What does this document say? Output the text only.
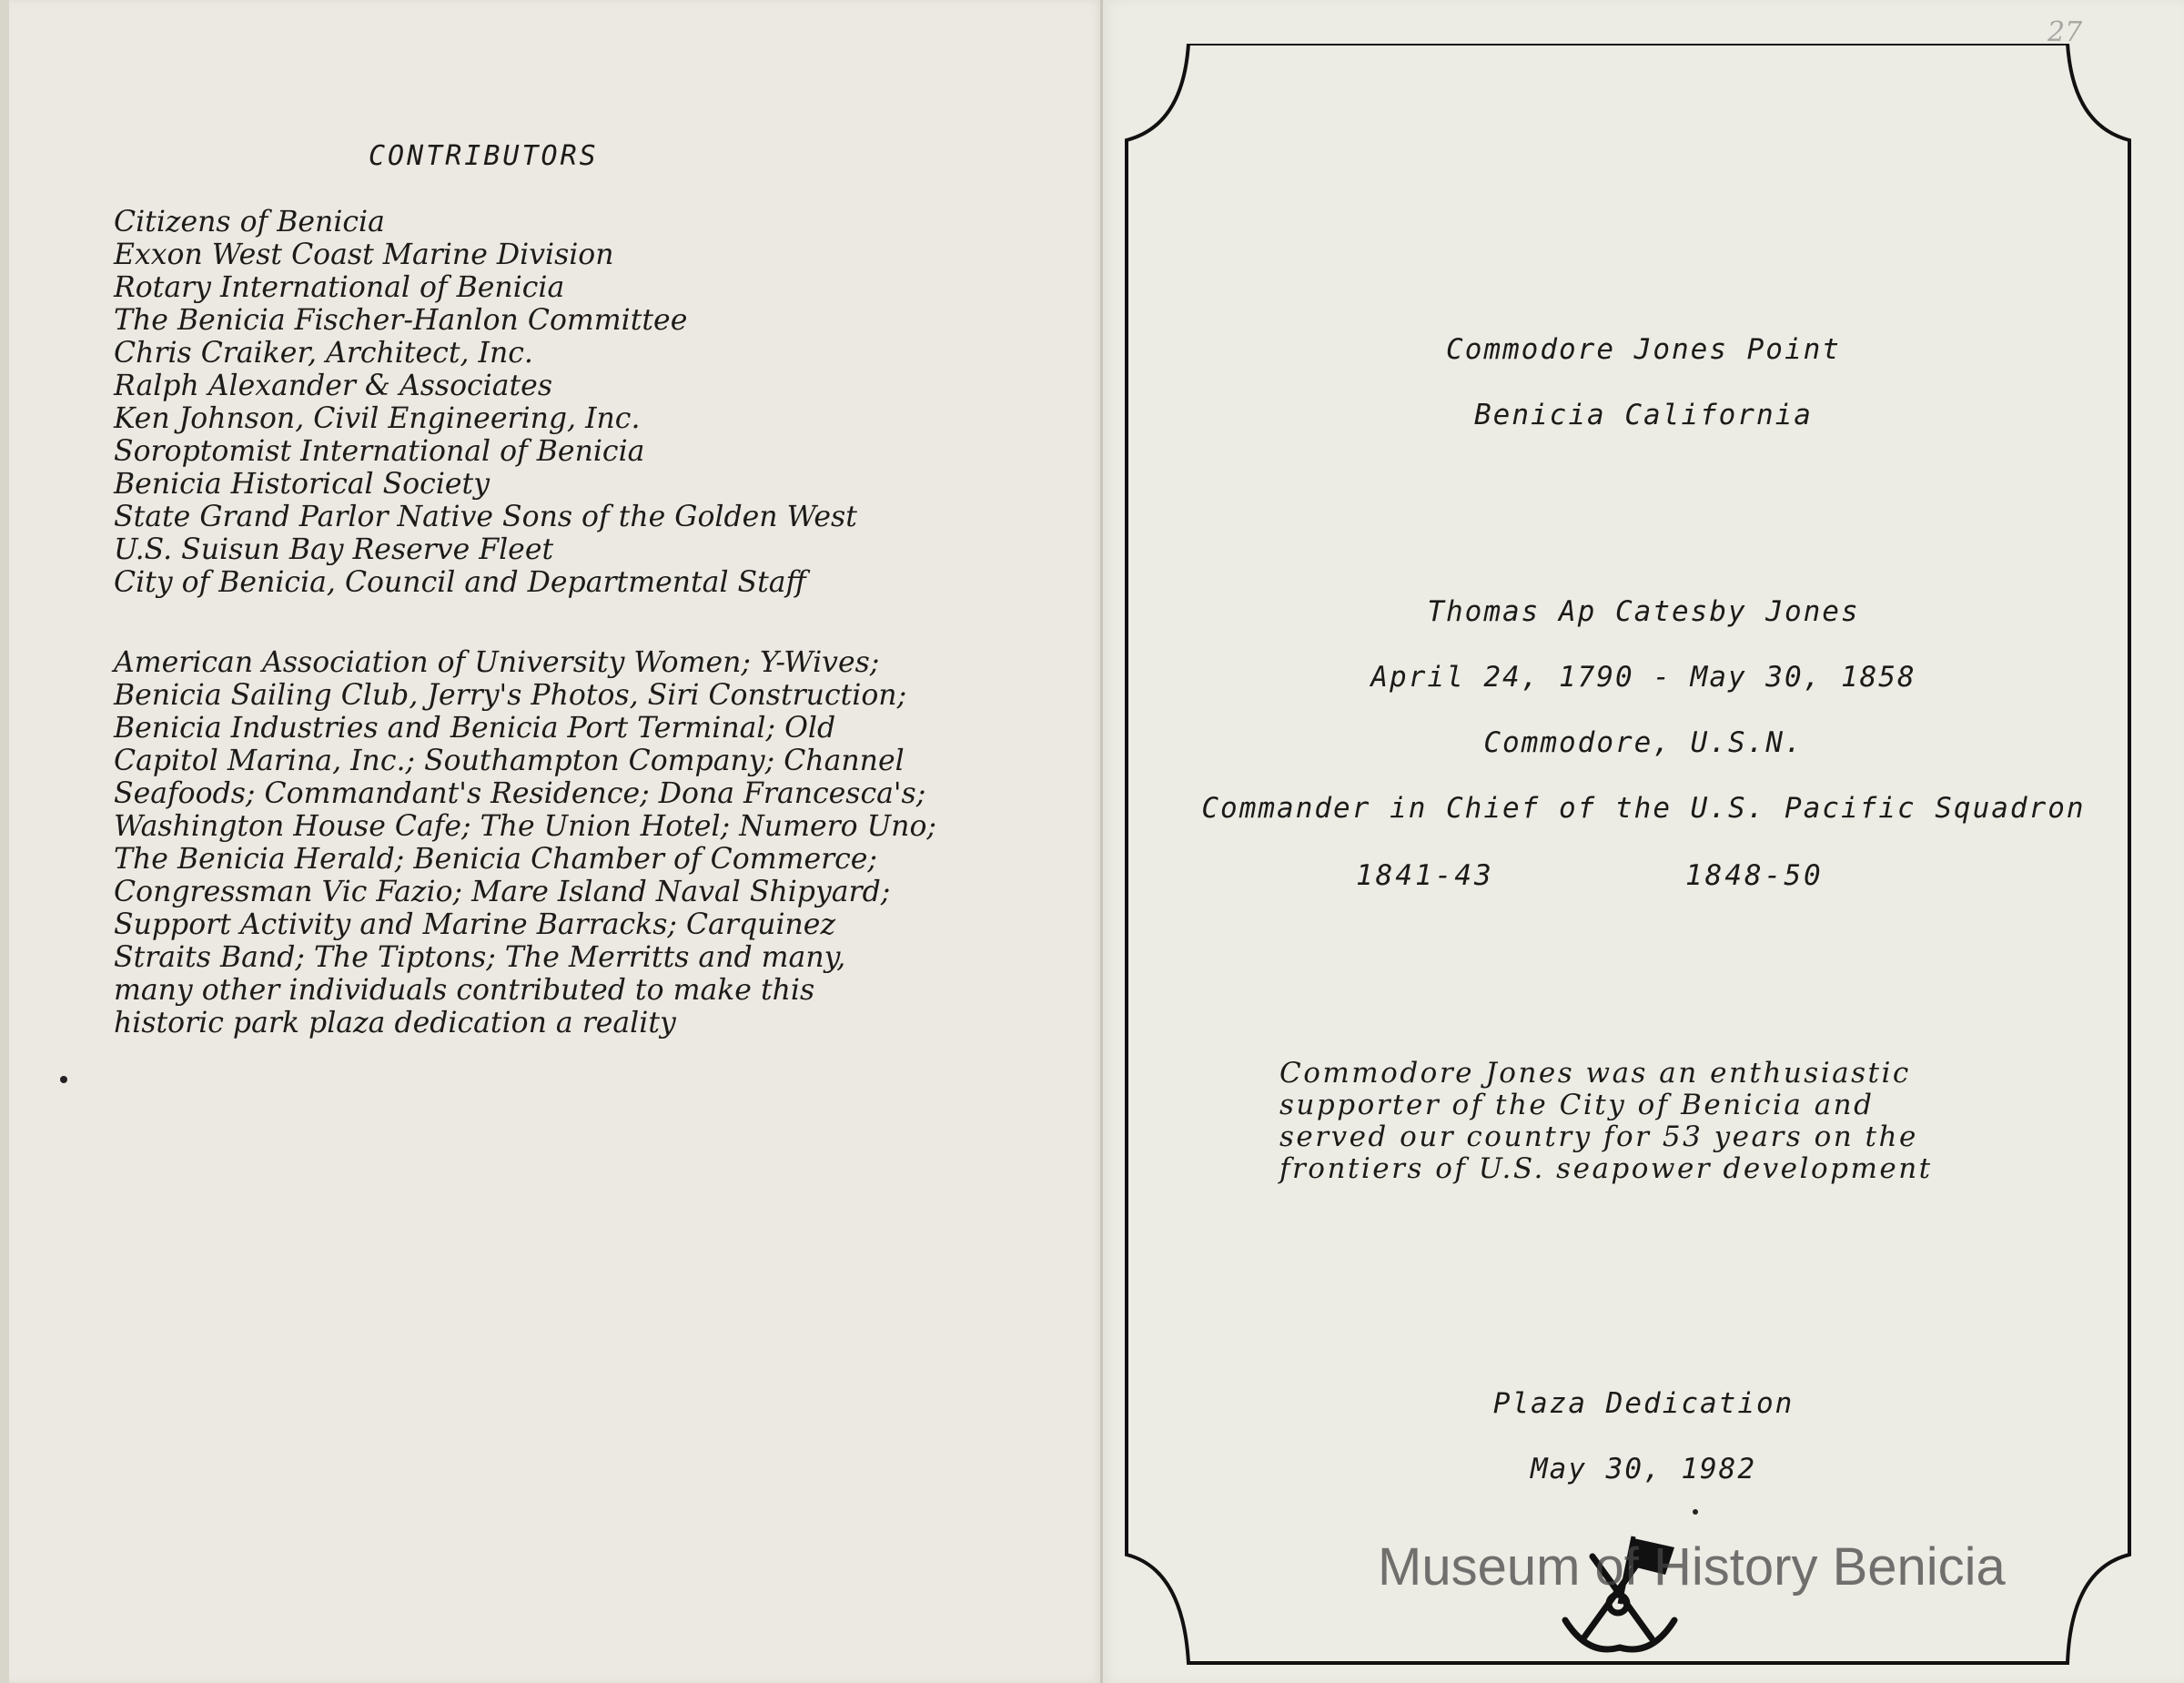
27
CONTRIBUTORS
Citizens of Benicia
Exxon West Coast Marine Division
Rotary International of Benicia
The Benicia Fischer-Hanlon Committee
Chris Craiker, Architect, Inc.
Ralph Alexander & Associates
Ken Johnson, Civil Engineering, Inc.
Soroptomist International of Benicia
Benicia Historical Society
State Grand Parlor Native Sons of the Golden West
U.S. Suisun Bay Reserve Fleet
City of Benicia, Council and Departmental Staff
American Association of University Women; Y-Wives;
Benicia Sailing Club, Jerry's Photos, Siri Construction;
Benicia Industries and Benicia Port Terminal; Old
Capitol Marina, Inc.; Southampton Company; Channel
Seafoods; Commandant's Residence; Dona Francesca's;
Washington House Cafe; The Union Hotel; Numero Uno;
The Benicia Herald; Benicia Chamber of Commerce;
Congressman Vic Fazio; Mare Island Naval Shipyard;
Support Activity and Marine Barracks; Carquinez
Straits Band; The Tiptons; The Merritts and many,
many other individuals contributed to make this
historic park plaza dedication a reality
Commodore Jones Point
Benicia California
Thomas Ap Catesby Jones
April 24, 1790 - May 30, 1858
Commodore, U.S.N.
Commander in Chief of the U.S. Pacific Squadron
1841-43	1848-50
Commodore Jones was an enthusiastic
supporter of the City of Benicia and
served our country for 53 years on the
frontiers of U.S. seapower development
Plaza Dedication
May 30, 1982
Museum of History Benicia
